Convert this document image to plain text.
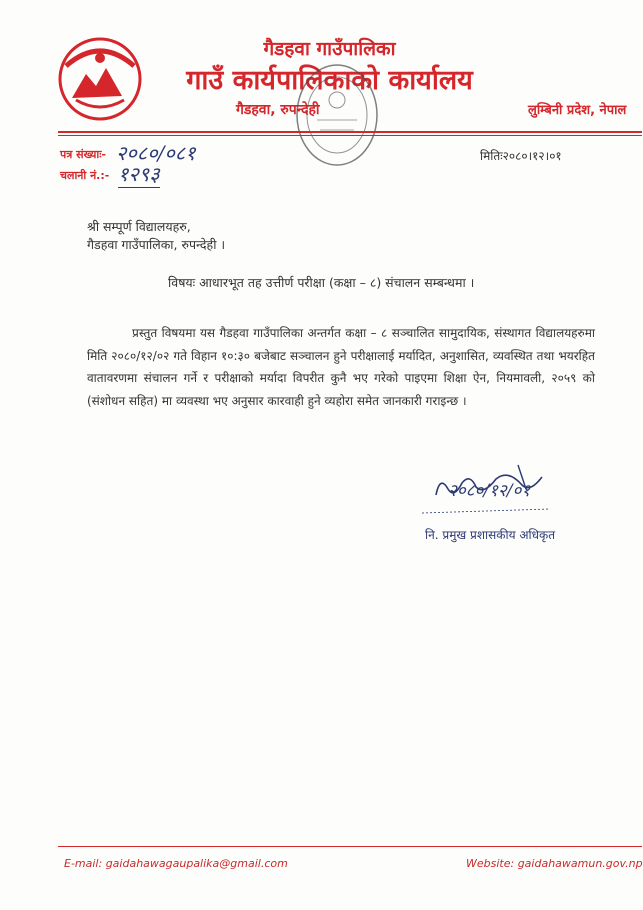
गैडहवा गाउँपालिका
गाउँ कार्यपालिकाको कार्यालय
गैडहवा, रुपन्देही	लुम्बिनी प्रदेश, नेपाल
पत्र संख्याः- २०८०/०८१
चलानी नं.:- १२९३
मितिः२०८०।१२।०१
श्री सम्पूर्ण विद्यालयहरु,
गैडहवा गाउँपालिका, रुपन्देही ।
विषयः आधारभूत तह उत्तीर्ण परीक्षा (कक्षा – ८) संचालन सम्बन्धमा ।
प्रस्तुत विषयमा यस गैडहवा गाउँपालिका अन्तर्गत कक्षा – ८ सञ्चालित सामुदायिक, संस्थागत विद्यालयहरुमा मिति २०८०/१२/०२ गते विहान १०:३० बजेबाट सञ्चालन हुने परीक्षालाई मर्यादित, अनुशासित, व्यवस्थित तथा भयरहित वातावरणमा संचालन गर्ने र परीक्षाको मर्यादा विपरीत कुनै भए गरेको पाइएमा शिक्षा ऐन, नियमावली, २०५९ को (संशोधन सहित) मा व्यवस्था भए अनुसार कारवाही हुने व्यहोरा समेत जानकारी गराइन्छ ।
२०८०/१२/०१
नि. प्रमुख प्रशासकीय अधिकृत
E-mail: gaidahawagaupalika@gmail.com	Website: gaidahawamun.gov.np
